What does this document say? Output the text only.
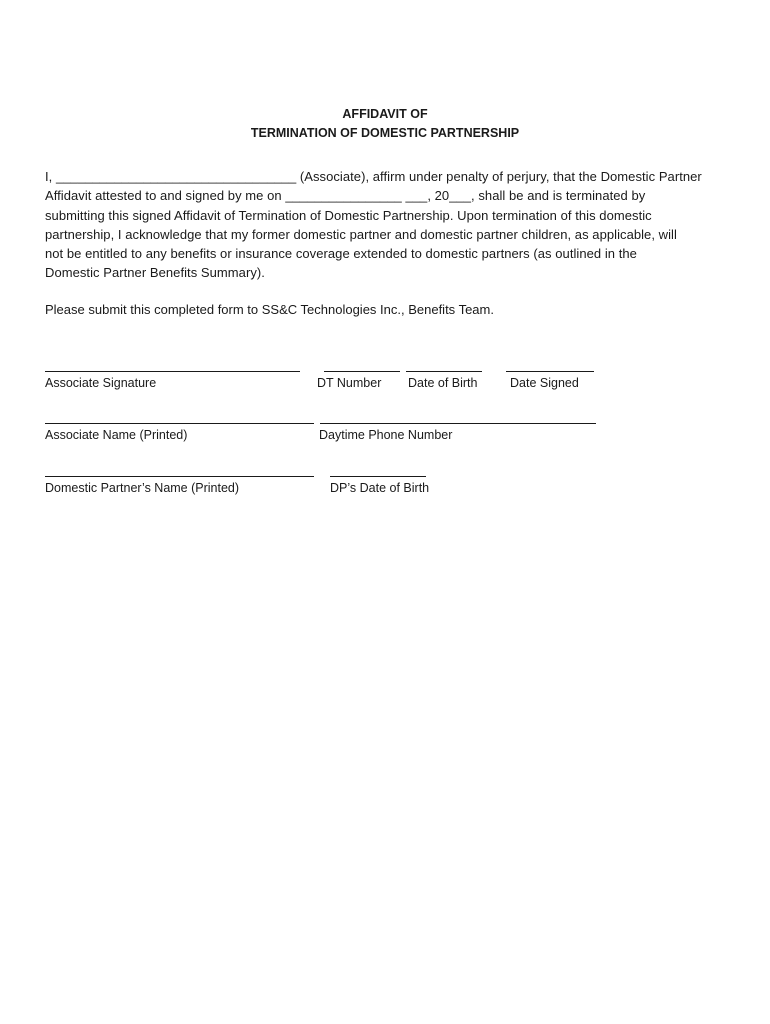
AFFIDAVIT OF
TERMINATION OF DOMESTIC PARTNERSHIP
I, _________________________________ (Associate), affirm under penalty of perjury, that the Domestic Partner
Affidavit attested to and signed by me on ________________ ___, 20___, shall be and is terminated by
submitting this signed Affidavit of Termination of Domestic Partnership. Upon termination of this domestic
partnership, I acknowledge that my former domestic partner and domestic partner children, as applicable, will
not be entitled to any benefits or insurance coverage extended to domestic partners (as outlined in the
Domestic Partner Benefits Summary).
Please submit this completed form to SS&C Technologies Inc., Benefits Team.
Associate Signature	DT Number Date of Birth	Date Signed
Associate Name (Printed)	Daytime Phone Number
Domestic Partner’s Name (Printed)	DP’s Date of Birth
